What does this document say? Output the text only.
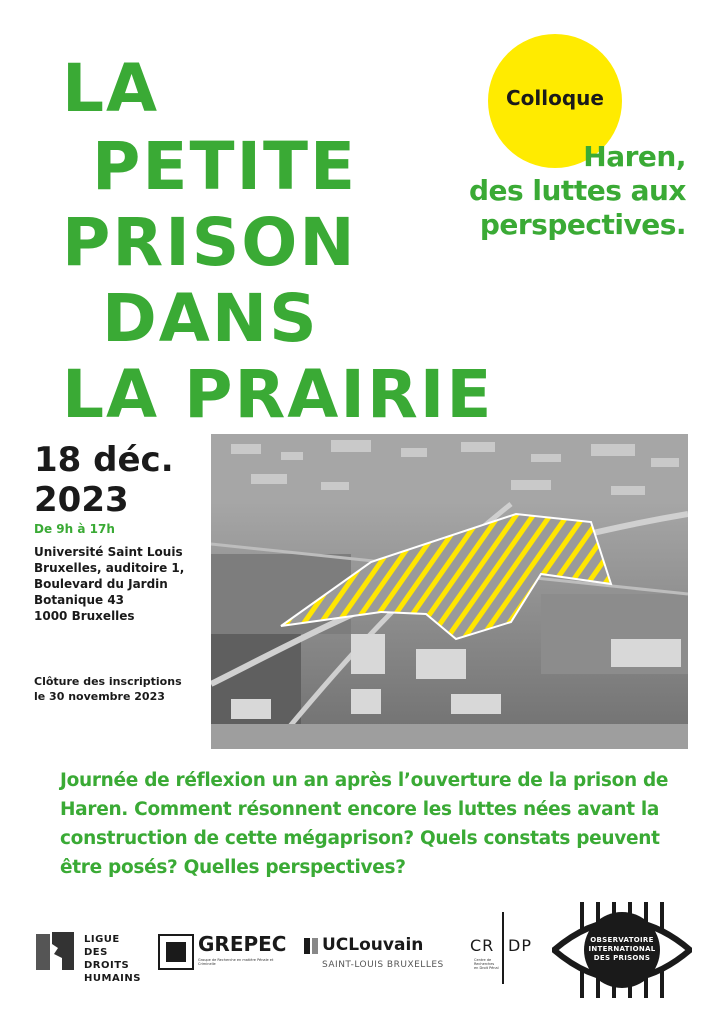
LA
PETITE
PRISON
DANS
LA PRAIRIE
Colloque
Haren,
des luttes aux
perspectives.
18 déc.
2023
De 9h à 17h
Université Saint Louis
Bruxelles, auditoire 1,
Boulevard du Jardin
Botanique 43
1000 Bruxelles
Clôture des inscriptions
le 30 novembre 2023
Journée de réflexion un an après l’ouverture de la prison de Haren. Comment résonnent encore les luttes nées avant la construction de cette mégaprison? Quels constats peuvent être posés? Quelles perspectives?
LIGUE
DES DROITS
HUMAINS
GREPEC
Groupe de Recherche en matière Pénale et Criminelle
UCLouvain
SAINT-LOUIS BRUXELLES
CR DP
Centre de
Recherches
en Droit Pénal
OBSERVATOIRE
INTERNATIONAL
DES PRISONS
